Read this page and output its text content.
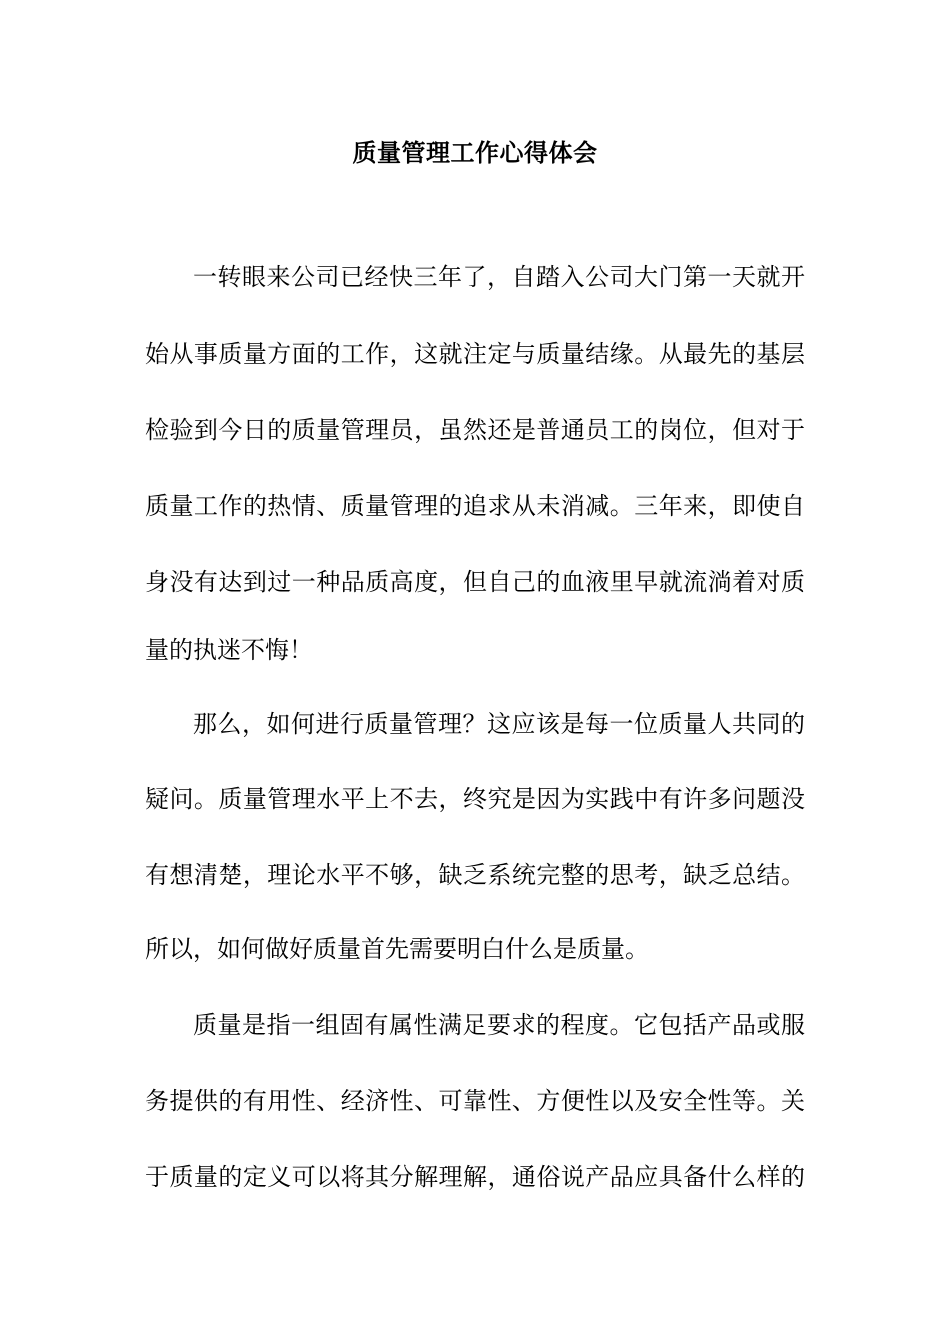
质量管理工作心得体会
一转眼来公司已经快三年了，自踏入公司大门第一天就开
始从事质量方面的工作，这就注定与质量结缘。从最先的基层
检验到今日的质量管理员，虽然还是普通员工的岗位，但对于
质量工作的热情、质量管理的追求从未消减。三年来，即使自
身没有达到过一种品质高度，但自己的血液里早就流淌着对质
量的执迷不悔！
那么，如何进行质量管理？这应该是每一位质量人共同的
疑问。质量管理水平上不去，终究是因为实践中有许多问题没
有想清楚，理论水平不够，缺乏系统完整的思考，缺乏总结。
所以，如何做好质量首先需要明白什么是质量。
质量是指一组固有属性满足要求的程度。它包括产品或服
务提供的有用性、经济性、可靠性、方便性以及安全性等。关
于质量的定义可以将其分解理解，通俗说产品应具备什么样的
